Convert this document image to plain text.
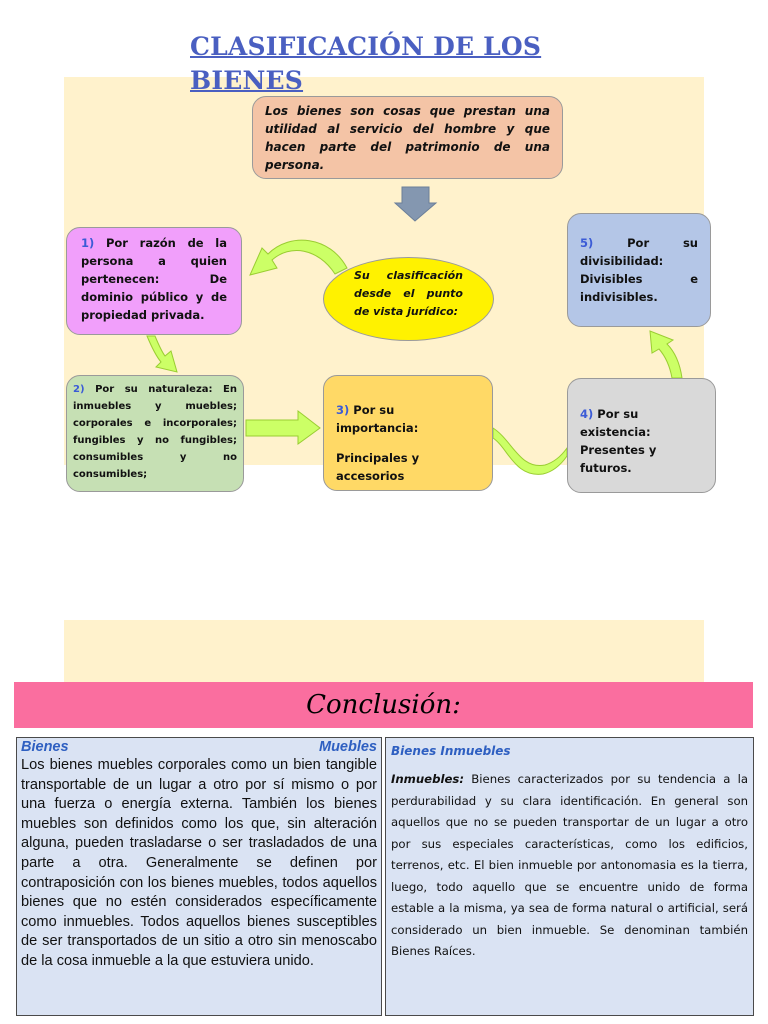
CLASIFICACIÓN DE LOS BIENES
Los bienes son cosas que prestan una utilidad al servicio del hombre y que hacen parte del patrimonio de una persona.
Su clasificación desde el punto de vista jurídico:
1) Por razón de la persona a quien pertenecen: De dominio público y de propiedad privada.
2) Por su naturaleza: En inmuebles y muebles; corporales e incorporales; fungibles y no fungibles; consumibles y no consumibles;

3) Por su importancia:

Principales y accesorios

4) Por su existencia: Presentes y futuros.
5)	Por su divisibilidad: Divisibles e indivisibles.
Conclusión:
Bienes	Muebles

Los bienes muebles corporales como un bien tangible transportable de un lugar a otro por sí mismo o por una fuerza o energía externa. También los bienes muebles son definidos como los que, sin alteración alguna, pueden trasladarse o ser trasladados de una parte a otra. Generalmente se definen por contraposición con los bienes muebles, todos aquellos bienes que no estén considerados específicamente como inmuebles. Todos aquellos bienes susceptibles de ser transportados de un sitio a otro sin menoscabo de la cosa inmueble a la que estuviera unido.

Bienes Inmuebles

Inmuebles: Bienes caracterizados por su tendencia a la perdurabilidad y su clara identificación. En general son aquellos que no se pueden transportar de un lugar a otro por sus especiales características, como los edificios, terrenos, etc. El bien inmueble por antonomasia es la tierra, luego, todo aquello que se encuentre unido de forma estable a la misma, ya sea de forma natural o artificial, será considerado un bien inmueble. Se denominan también Bienes Raíces.
